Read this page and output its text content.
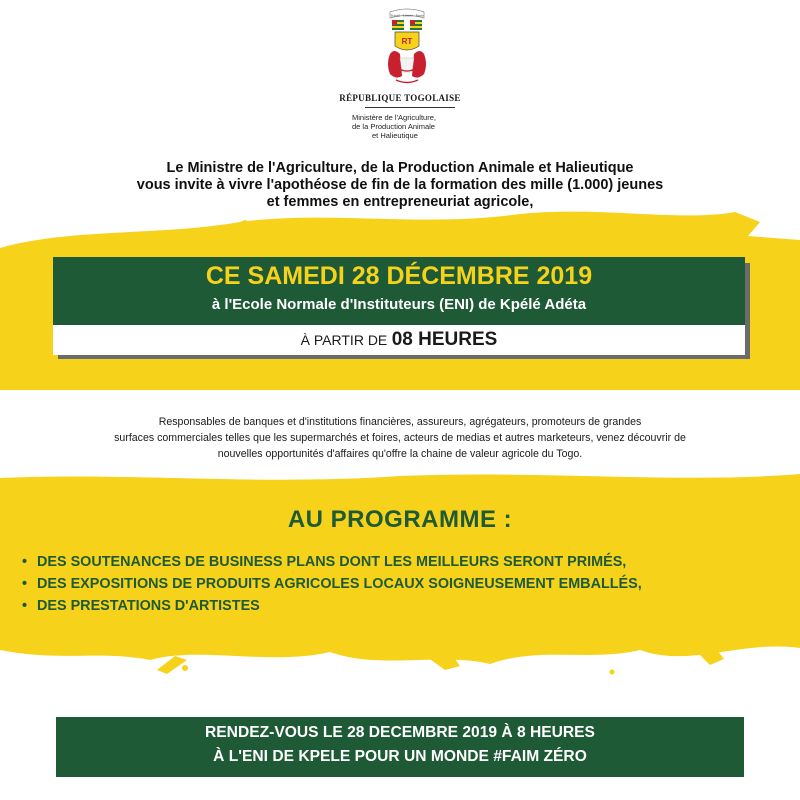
Travail · Liberté · Patrie
RT
RÉPUBLIQUE TOGOLAISE
Ministère de l'Agriculture,
de la Production Animale
et Halieutique
Le Ministre de l'Agriculture, de la Production Animale et Halieutique
vous invite à vivre l'apothéose de fin de la formation des mille (1.000) jeunes
et femmes en entrepreneuriat agricole,
CE SAMEDI 28 DÉCEMBRE 2019
à l'Ecole Normale d'Instituteurs (ENI) de Kpélé Adéta
À PARTIR DE 08 HEURES
Responsables de banques et d'institutions financières, assureurs, agrégateurs, promoteurs de grandes
surfaces commerciales telles que les supermarchés et foires, acteurs de medias et autres marketeurs, venez découvrir de
nouvelles opportunités d'affaires qu'offre la chaine de valeur agricole du Togo.
AU PROGRAMME :
• DES SOUTENANCES DE BUSINESS PLANS DONT LES MEILLEURS SERONT PRIMÉS,
• DES EXPOSITIONS DE PRODUITS AGRICOLES LOCAUX SOIGNEUSEMENT EMBALLÉS,
• DES PRESTATIONS D'ARTISTES
RENDEZ-VOUS LE 28 DECEMBRE 2019 À 8 HEURES
À L'ENI DE KPELE POUR UN MONDE #FAIM ZÉRO
